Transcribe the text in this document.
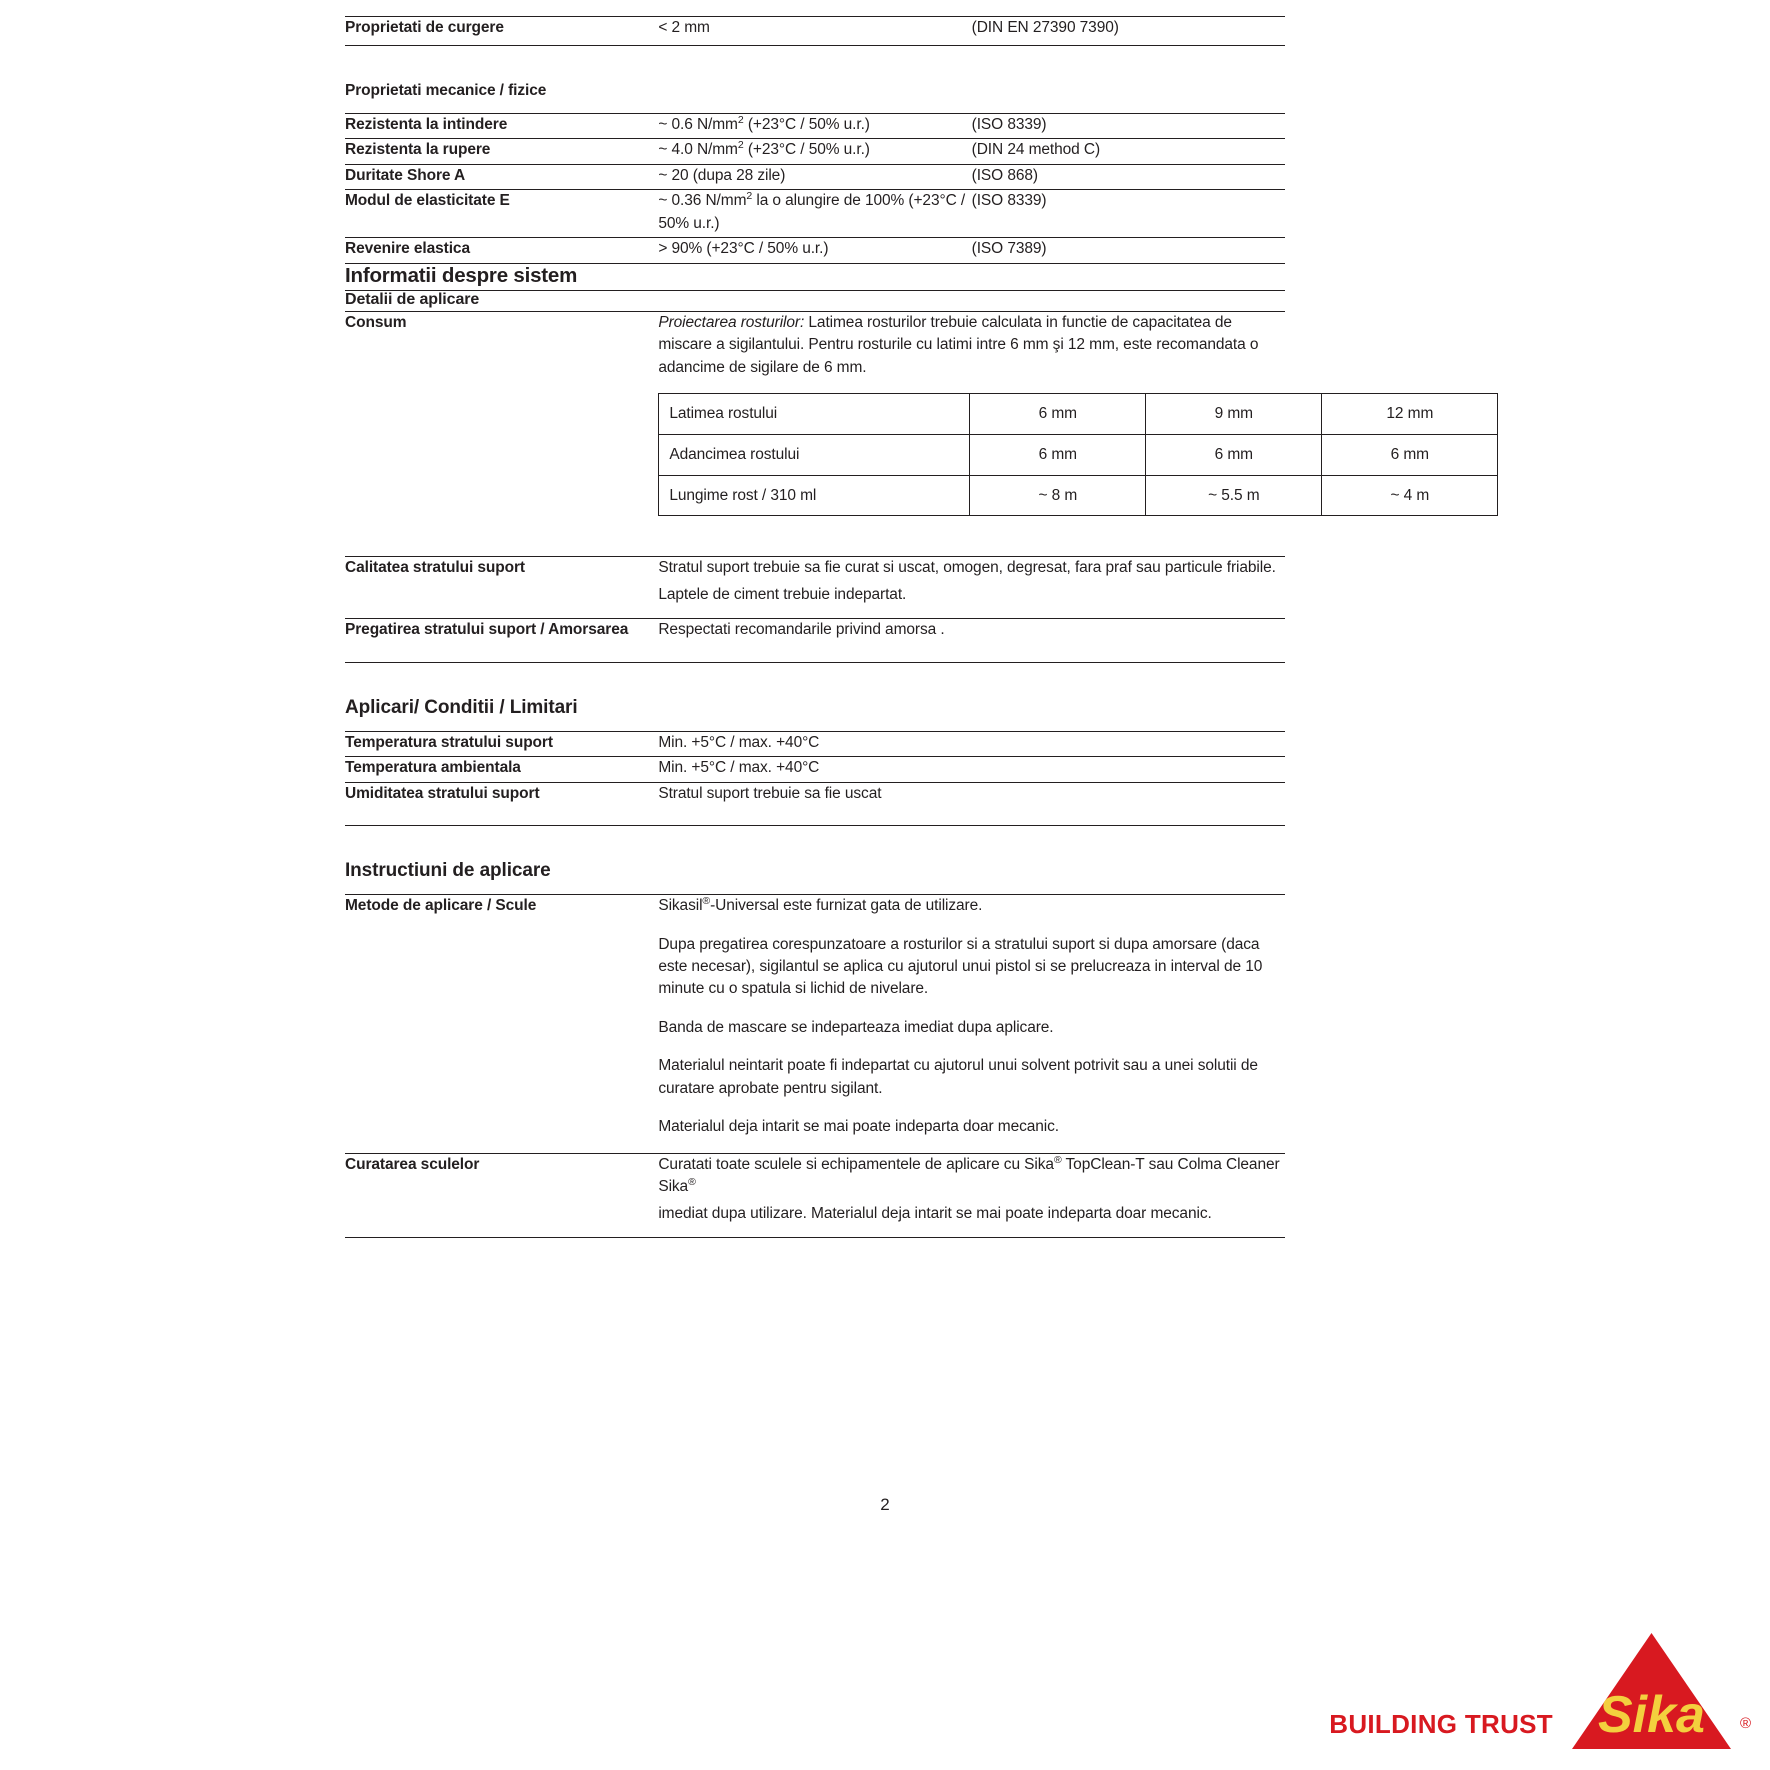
Proprietati de curgere	< 2 mm	(DIN EN 27390 7390)

Proprietati mecanice / fizice		

Rezistenta la intindere	~ 0.6 $N/mm^2$ (+23°C / 50% u.r.)	(ISO 8339)

Rezistenta la rupere	~ 4.0 $N/mm^2$ (+23°C / 50% u.r.)	(DIN 24 method C)

Duritate Shore A	~ 20 (dupa 28 zile)	(ISO 868)

Modul de elasticitate E	~ 0.36 $N/mm^2$ la o alungire de 100% (+23°C / 50% u.r.)	(ISO 8339)

Revenire elastica	> 90% (+23°C / 50% u.r.)	(ISO 7389)

Informatii despre sistem

Detalii de aplicare

Consum	Proiectarea rosturilor: Latimea rosturilor trebuie calculata in functie de capacitatea de miscare a sigilantului. Pentru rosturile cu latimi intre 6 mm şi 12 mm, este recomandata o adancime de sigilare de 6 mm.

Latimea rostului	6 mm	9 mm	12 mm
Adancimea rostului	6 mm	6 mm	6 mm
Lungime rost / 310 ml	~ 8 m	~ 5.5 m	~ 4 m

Calitatea stratului suport	Stratul suport trebuie sa fie curat si uscat, omogen, degresat, fara praf sau particule friabile.

Laptele de ciment trebuie indepartat.

Pregatirea stratului suport / Amorsarea	Respectati recomandarile privind amorsa .

Aplicari/ Conditii / Limitari	

Temperatura stratului suport	Min. +5°C / max. +40°C

Temperatura ambientala	Min. +5°C / max. +40°C

Umiditatea stratului suport	Stratul suport trebuie sa fie uscat

Instructiuni de aplicare	

Metode de aplicare / Scule	Sikasil®-Universal este furnizat gata de utilizare.

Dupa pregatirea corespunzatoare a rosturilor si a stratului suport si dupa amorsare (daca este necesar), sigilantul se aplica cu ajutorul unui pistol si se prelucreaza in interval de 10 minute cu o spatula si lichid de nivelare.

Banda de mascare se indeparteaza imediat dupa aplicare.

Materialul neintarit poate fi indepartat cu ajutorul unui solvent potrivit sau a unei solutii de curatare aprobate pentru sigilant.

Materialul deja intarit se mai poate indeparta doar mecanic.

Curatarea sculelor	Curatati toate sculele si echipamentele de aplicare cu Sika® TopClean-T sau Colma Cleaner Sika®

imediat dupa utilizare. Materialul deja intarit se mai poate indeparta doar mecanic.

2
BUILDING TRUST Sika ®
